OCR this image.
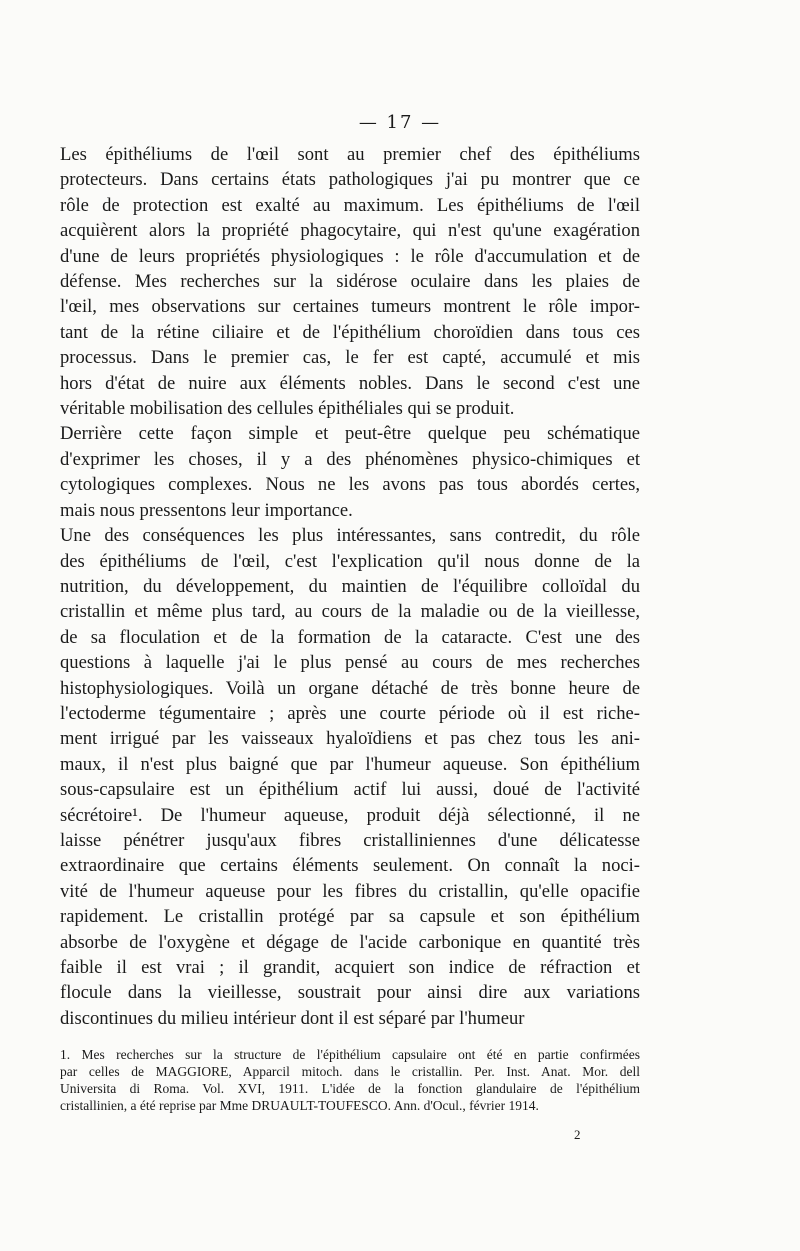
— 17 —

Les épithéliums de l'œil sont au premier chef des épithéliums
protecteurs. Dans certains états pathologiques j'ai pu montrer que ce
rôle de protection est exalté au maximum. Les épithéliums de l'œil
acquièrent alors la propriété phagocytaire, qui n'est qu'une exagération
d'une de leurs propriétés physiologiques : le rôle d'accumulation et de
défense. Mes recherches sur la sidérose oculaire dans les plaies de
l'œil, mes observations sur certaines tumeurs montrent le rôle impor-
tant de la rétine ciliaire et de l'épithélium choroïdien dans tous ces
processus. Dans le premier cas, le fer est capté, accumulé et mis
hors d'état de nuire aux éléments nobles. Dans le second c'est une
véritable mobilisation des cellules épithéliales qui se produit.

Derrière cette façon simple et peut-être quelque peu schématique
d'exprimer les choses, il y a des phénomènes physico-chimiques et
cytologiques complexes. Nous ne les avons pas tous abordés certes,
mais nous pressentons leur importance.

Une des conséquences les plus intéressantes, sans contredit, du rôle
des épithéliums de l'œil, c'est l'explication qu'il nous donne de la
nutrition, du développement, du maintien de l'équilibre colloïdal du
cristallin et même plus tard, au cours de la maladie ou de la vieillesse,
de sa floculation et de la formation de la cataracte. C'est une des
questions à laquelle j'ai le plus pensé au cours de mes recherches
histophysiologiques. Voilà un organe détaché de très bonne heure de
l'ectoderme tégumentaire ; après une courte période où il est riche-
ment irrigué par les vaisseaux hyaloïdiens et pas chez tous les ani-
maux, il n'est plus baigné que par l'humeur aqueuse. Son épithélium
sous-capsulaire est un épithélium actif lui aussi, doué de l'activité
sécrétoire¹. De l'humeur aqueuse, produit déjà sélectionné, il ne
laisse pénétrer jusqu'aux fibres cristalliniennes d'une délicatesse
extraordinaire que certains éléments seulement. On connaît la noci-
vité de l'humeur aqueuse pour les fibres du cristallin, qu'elle opacifie
rapidement. Le cristallin protégé par sa capsule et son épithélium
absorbe de l'oxygène et dégage de l'acide carbonique en quantité très
faible il est vrai ; il grandit, acquiert son indice de réfraction et
flocule dans la vieillesse, soustrait pour ainsi dire aux variations
discontinues du milieu intérieur dont il est séparé par l'humeur

1. Mes recherches sur la structure de l'épithélium capsulaire ont été en partie confirmées
par celles de MAGGIORE, Apparcil mitoch. dans le cristallin. Per. Inst. Anat. Mor. dell
Universita di Roma. Vol. XVI, 1911. L'idée de la fonction glandulaire de l'épithélium
cristallinien, a été reprise par Mme DRUAULT-TOUFESCO. Ann. d'Ocul., février 1914.
2
